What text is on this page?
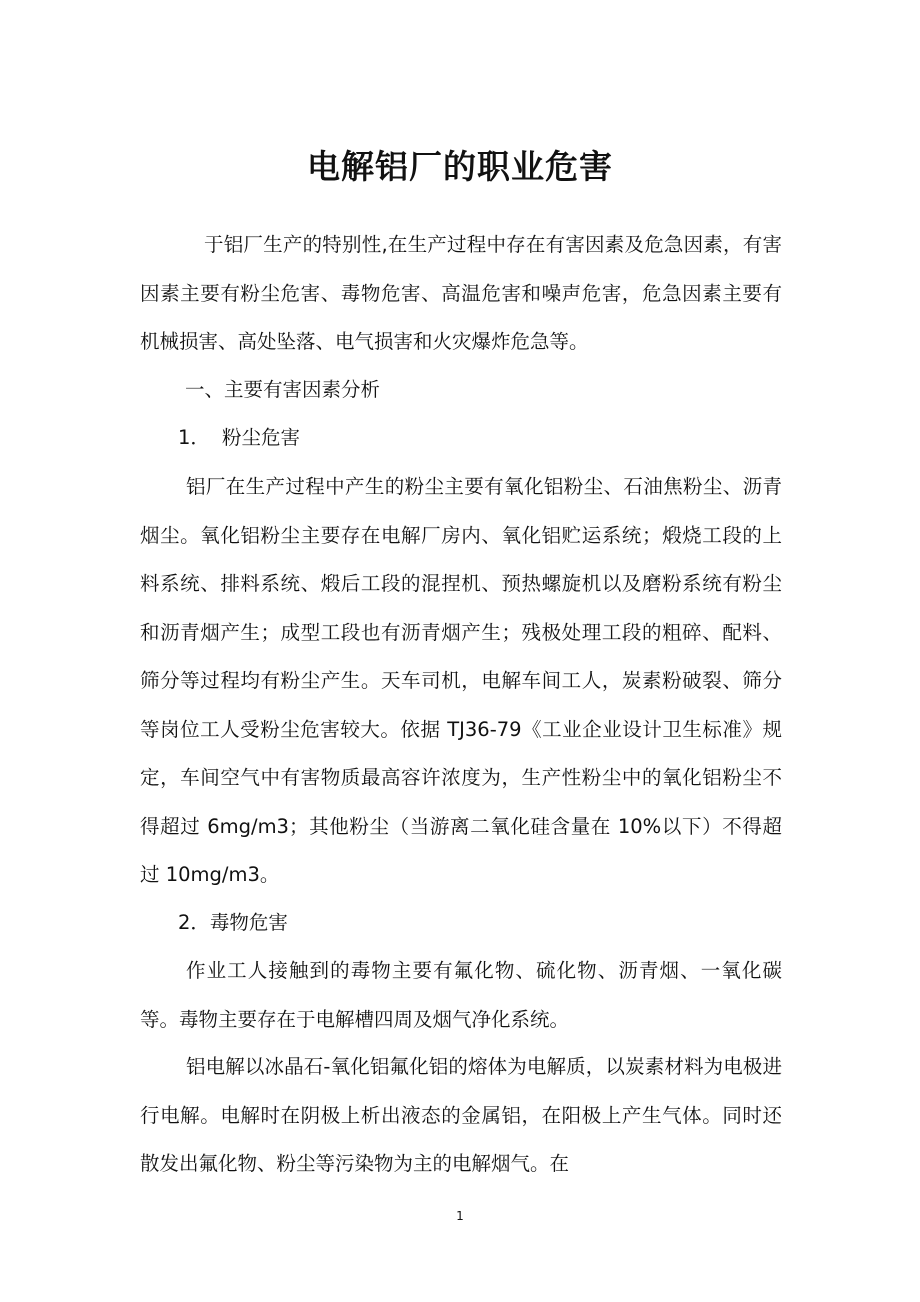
电解铝厂的职业危害

于铝厂生产的特别性,在生产过程中存在有害因素及危急因素，有害因素主要有粉尘危害、毒物危害、高温危害和噪声危害，危急因素主要有机械损害、高处坠落、电气损害和火灾爆炸危急等。

一、主要有害因素分析

1． 粉尘危害

铝厂在生产过程中产生的粉尘主要有氧化铝粉尘、石油焦粉尘、沥青烟尘。氧化铝粉尘主要存在电解厂房内、氧化铝贮运系统；煅烧工段的上料系统、排料系统、煅后工段的混捏机、预热螺旋机以及磨粉系统有粉尘和沥青烟产生；成型工段也有沥青烟产生；残极处理工段的粗碎、配料、筛分等过程均有粉尘产生。天车司机，电解车间工人，炭素粉破裂、筛分等岗位工人受粉尘危害较大。依据 TJ36-79《工业企业设计卫生标准》规定，车间空气中有害物质最高容许浓度为，生产性粉尘中的氧化铝粉尘不得超过 6mg/m3；其他粉尘（当游离二氧化硅含量在 10%以下）不得超过 10mg/m3。

2．毒物危害

作业工人接触到的毒物主要有氟化物、硫化物、沥青烟、一氧化碳等。毒物主要存在于电解槽四周及烟气净化系统。

铝电解以冰晶石-氧化铝氟化铝的熔体为电解质，以炭素材料为电极进行电解。电解时在阴极上析出液态的金属铝，在阳极上产生气体。同时还散发出氟化物、粉尘等污染物为主的电解烟气。在

1
